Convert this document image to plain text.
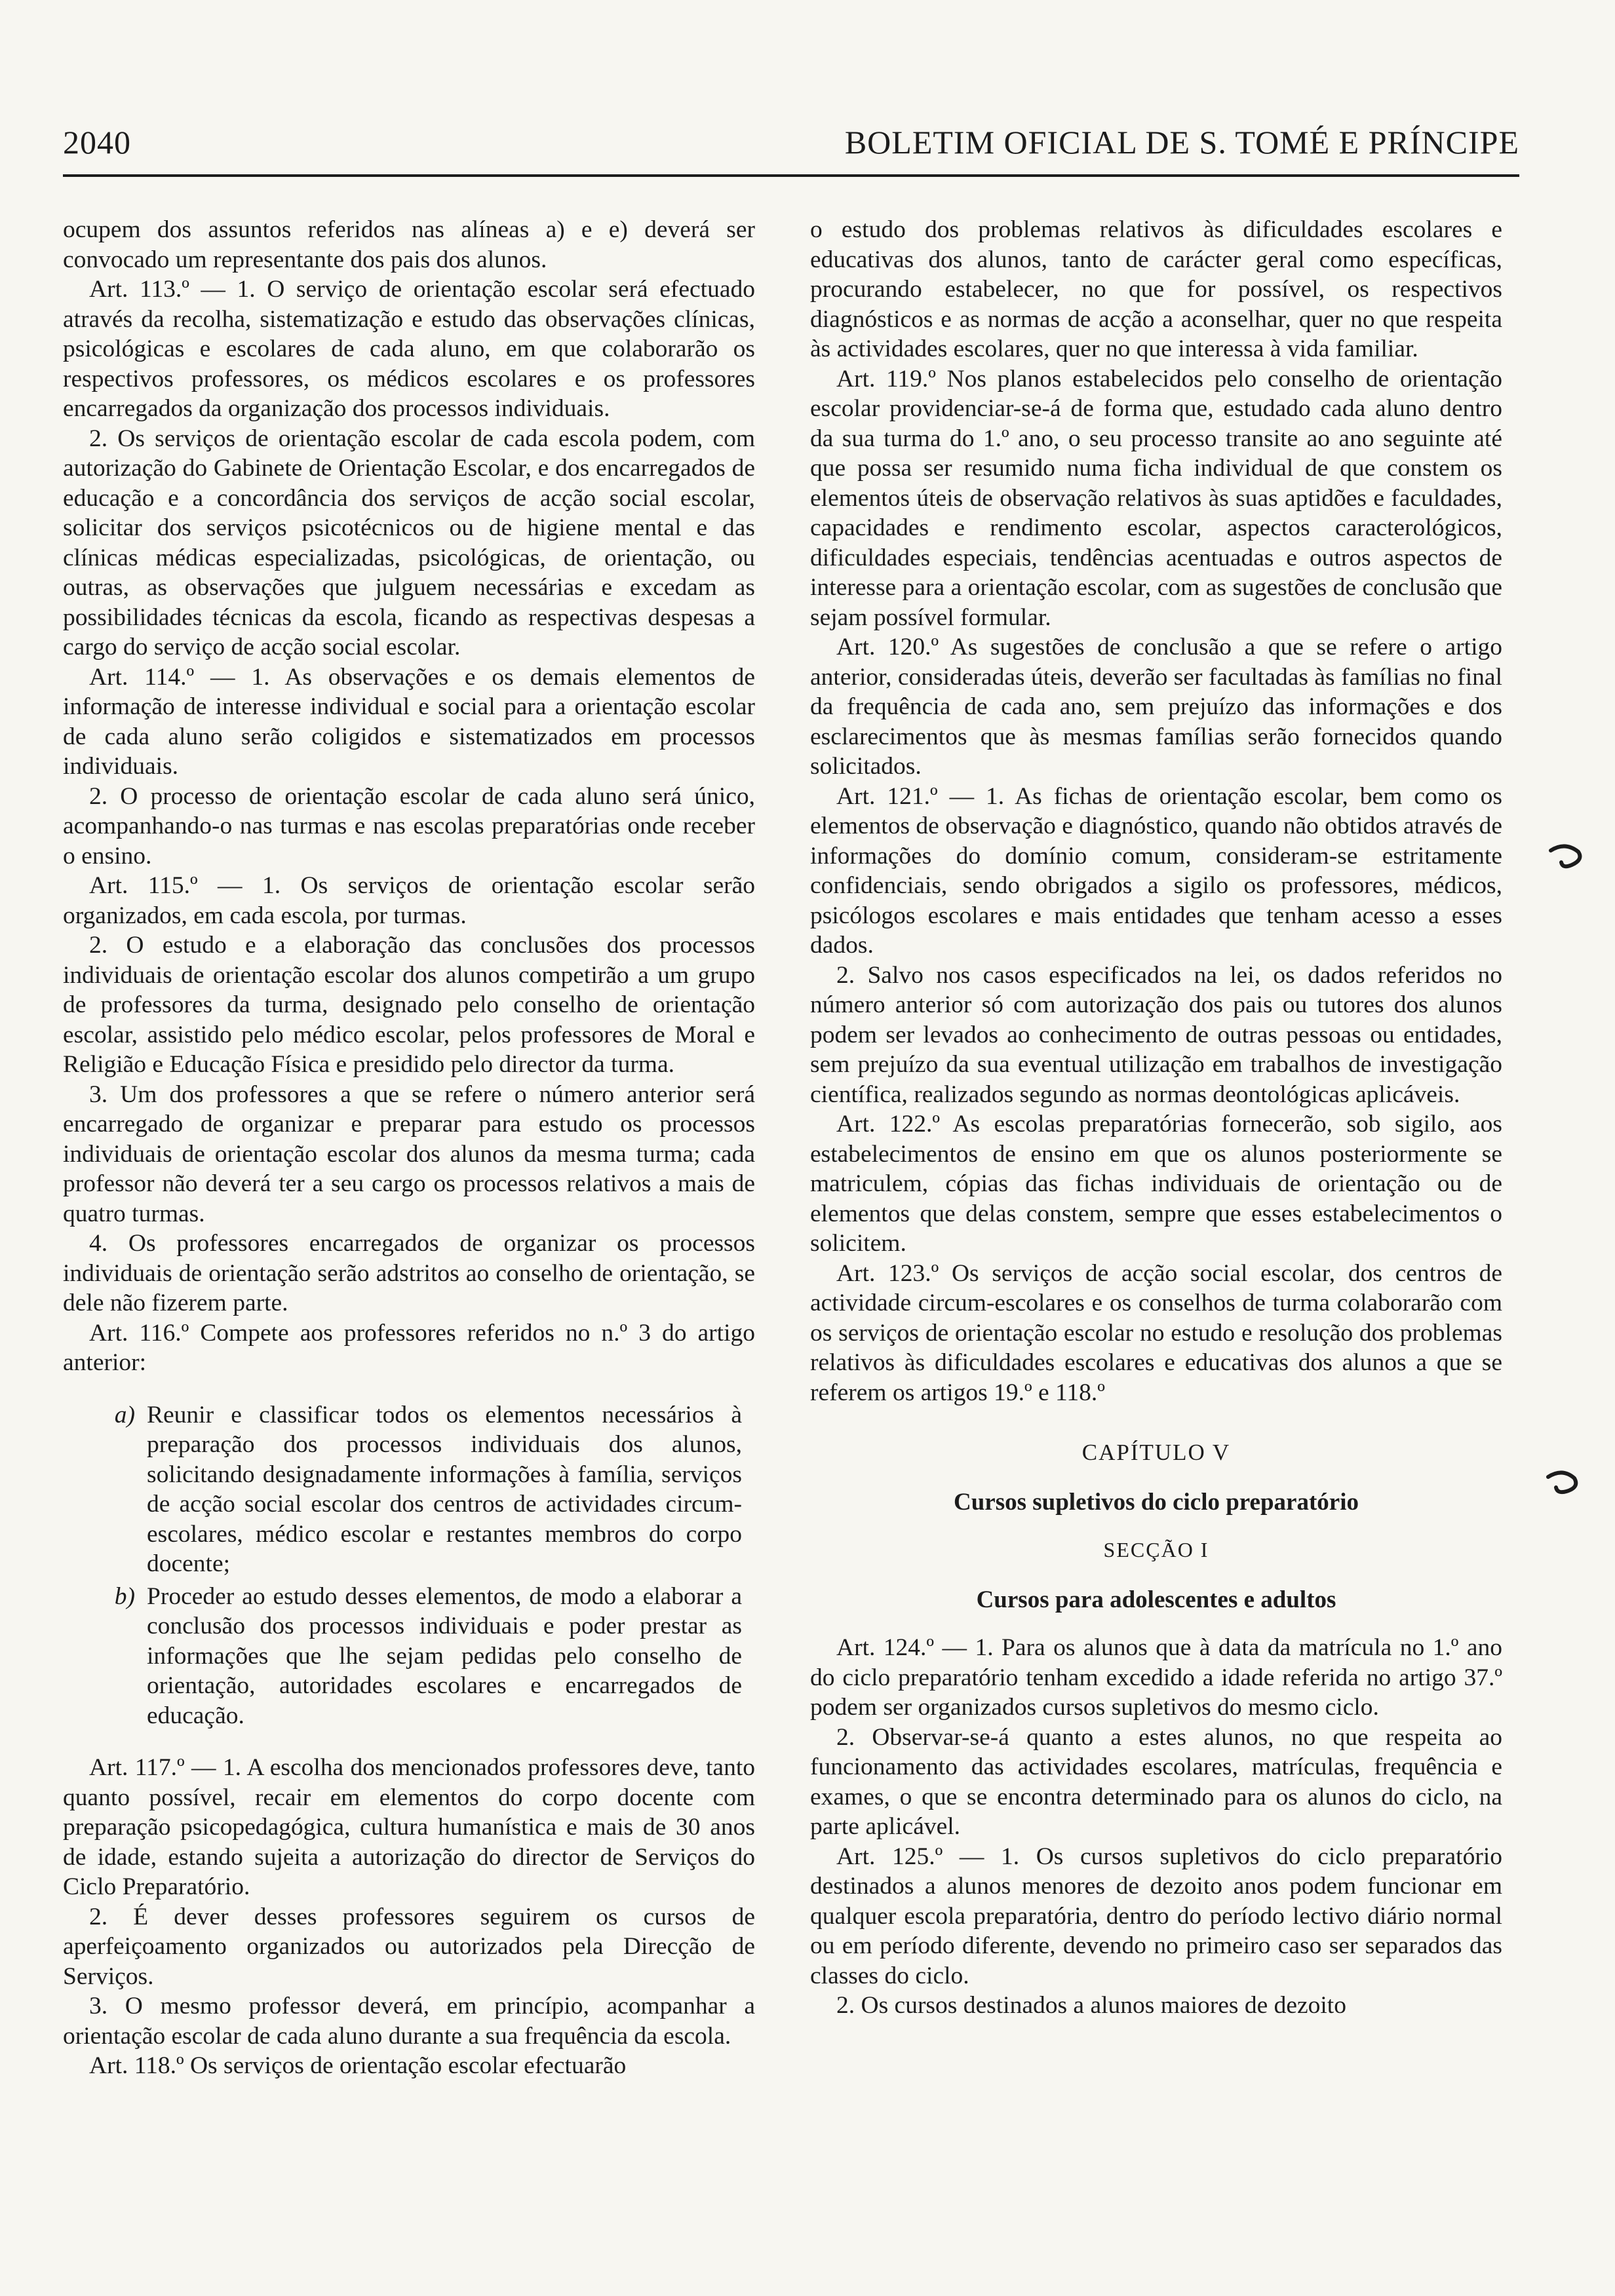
2040	BOLETIM OFICIAL DE S. TOMÉ E PRÍNCIPE

ocupem dos assuntos referidos nas alíneas a) e e) deverá ser convocado um representante dos pais dos alunos.

Art. 113.º — 1. O serviço de orientação escolar será efectuado através da recolha, sistematização e estudo das observações clínicas, psicológicas e escolares de cada aluno, em que colaborarão os respectivos professores, os médicos escolares e os professores encarregados da organização dos processos individuais.

2. Os serviços de orientação escolar de cada escola podem, com autorização do Gabinete de Orientação Escolar, e dos encarregados de educação e a concordância dos serviços de acção social escolar, solicitar dos serviços psicotécnicos ou de higiene mental e das clínicas médicas especializadas, psicológicas, de orientação, ou outras, as observações que julguem necessárias e excedam as possibilidades técnicas da escola, ficando as respectivas despesas a cargo do serviço de acção social escolar.

Art. 114.º — 1. As observações e os demais elementos de informação de interesse individual e social para a orientação escolar de cada aluno serão coligidos e sistematizados em processos individuais.

2. O processo de orientação escolar de cada aluno será único, acompanhando-o nas turmas e nas escolas preparatórias onde receber o ensino.

Art. 115.º — 1. Os serviços de orientação escolar serão organizados, em cada escola, por turmas.

2. O estudo e a elaboração das conclusões dos processos individuais de orientação escolar dos alunos competirão a um grupo de professores da turma, designado pelo conselho de orientação escolar, assistido pelo médico escolar, pelos professores de Moral e Religião e Educação Física e presidido pelo director da turma.

3. Um dos professores a que se refere o número anterior será encarregado de organizar e preparar para estudo os processos individuais de orientação escolar dos alunos da mesma turma; cada professor não deverá ter a seu cargo os processos relativos a mais de quatro turmas.

4. Os professores encarregados de organizar os processos individuais de orientação serão adstritos ao conselho de orientação, se dele não fizerem parte.

Art. 116.º Compete aos professores referidos no n.º 3 do artigo anterior:

a) Reunir e classificar todos os elementos necessários à preparação dos processos individuais dos alunos, solicitando designadamente informações à família, serviços de acção social escolar dos centros de actividades circum-escolares, médico escolar e restantes membros do corpo docente;
b) Proceder ao estudo desses elementos, de modo a elaborar a conclusão dos processos individuais e poder prestar as informações que lhe sejam pedidas pelo conselho de orientação, autoridades escolares e encarregados de educação.

Art. 117.º — 1. A escolha dos mencionados professores deve, tanto quanto possível, recair em elementos do corpo docente com preparação psicopedagógica, cultura humanística e mais de 30 anos de idade, estando sujeita a autorização do director de Serviços do Ciclo Preparatório.

2. É dever desses professores seguirem os cursos de aperfeiçoamento organizados ou autorizados pela Direcção de Serviços.

3. O mesmo professor deverá, em princípio, acompanhar a orientação escolar de cada aluno durante a sua frequência da escola.

Art. 118.º Os serviços de orientação escolar efectuarão

o estudo dos problemas relativos às dificuldades escolares e educativas dos alunos, tanto de carácter geral como específicas, procurando estabelecer, no que for possível, os respectivos diagnósticos e as normas de acção a aconselhar, quer no que respeita às actividades escolares, quer no que interessa à vida familiar.

Art. 119.º Nos planos estabelecidos pelo conselho de orientação escolar providenciar-se-á de forma que, estudado cada aluno dentro da sua turma do 1.º ano, o seu processo transite ao ano seguinte até que possa ser resumido numa ficha individual de que constem os elementos úteis de observação relativos às suas aptidões e faculdades, capacidades e rendimento escolar, aspectos caracterológicos, dificuldades especiais, tendências acentuadas e outros aspectos de interesse para a orientação escolar, com as sugestões de conclusão que sejam possível formular.

Art. 120.º As sugestões de conclusão a que se refere o artigo anterior, consideradas úteis, deverão ser facultadas às famílias no final da frequência de cada ano, sem prejuízo das informações e dos esclarecimentos que às mesmas famílias serão fornecidos quando solicitados.

Art. 121.º — 1. As fichas de orientação escolar, bem como os elementos de observação e diagnóstico, quando não obtidos através de informações do domínio comum, consideram-se estritamente confidenciais, sendo obrigados a sigilo os professores, médicos, psicólogos escolares e mais entidades que tenham acesso a esses dados.

2. Salvo nos casos especificados na lei, os dados referidos no número anterior só com autorização dos pais ou tutores dos alunos podem ser levados ao conhecimento de outras pessoas ou entidades, sem prejuízo da sua eventual utilização em trabalhos de investigação científica, realizados segundo as normas deontológicas aplicáveis.

Art. 122.º As escolas preparatórias fornecerão, sob sigilo, aos estabelecimentos de ensino em que os alunos posteriormente se matriculem, cópias das fichas individuais de orientação ou de elementos que delas constem, sempre que esses estabelecimentos o solicitem.

Art. 123.º Os serviços de acção social escolar, dos centros de actividade circum-escolares e os conselhos de turma colaborarão com os serviços de orientação escolar no estudo e resolução dos problemas relativos às dificuldades escolares e educativas dos alunos a que se referem os artigos 19.º e 118.º

CAPÍTULO V

Cursos supletivos do ciclo preparatório

SECÇÃO I

Cursos para adolescentes e adultos

Art. 124.º — 1. Para os alunos que à data da matrícula no 1.º ano do ciclo preparatório tenham excedido a idade referida no artigo 37.º podem ser organizados cursos supletivos do mesmo ciclo.

2. Observar-se-á quanto a estes alunos, no que respeita ao funcionamento das actividades escolares, matrículas, frequência e exames, o que se encontra determinado para os alunos do ciclo, na parte aplicável.

Art. 125.º — 1. Os cursos supletivos do ciclo preparatório destinados a alunos menores de dezoito anos podem funcionar em qualquer escola preparatória, dentro do período lectivo diário normal ou em período diferente, devendo no primeiro caso ser separados das classes do ciclo.

2. Os cursos destinados a alunos maiores de dezoito
